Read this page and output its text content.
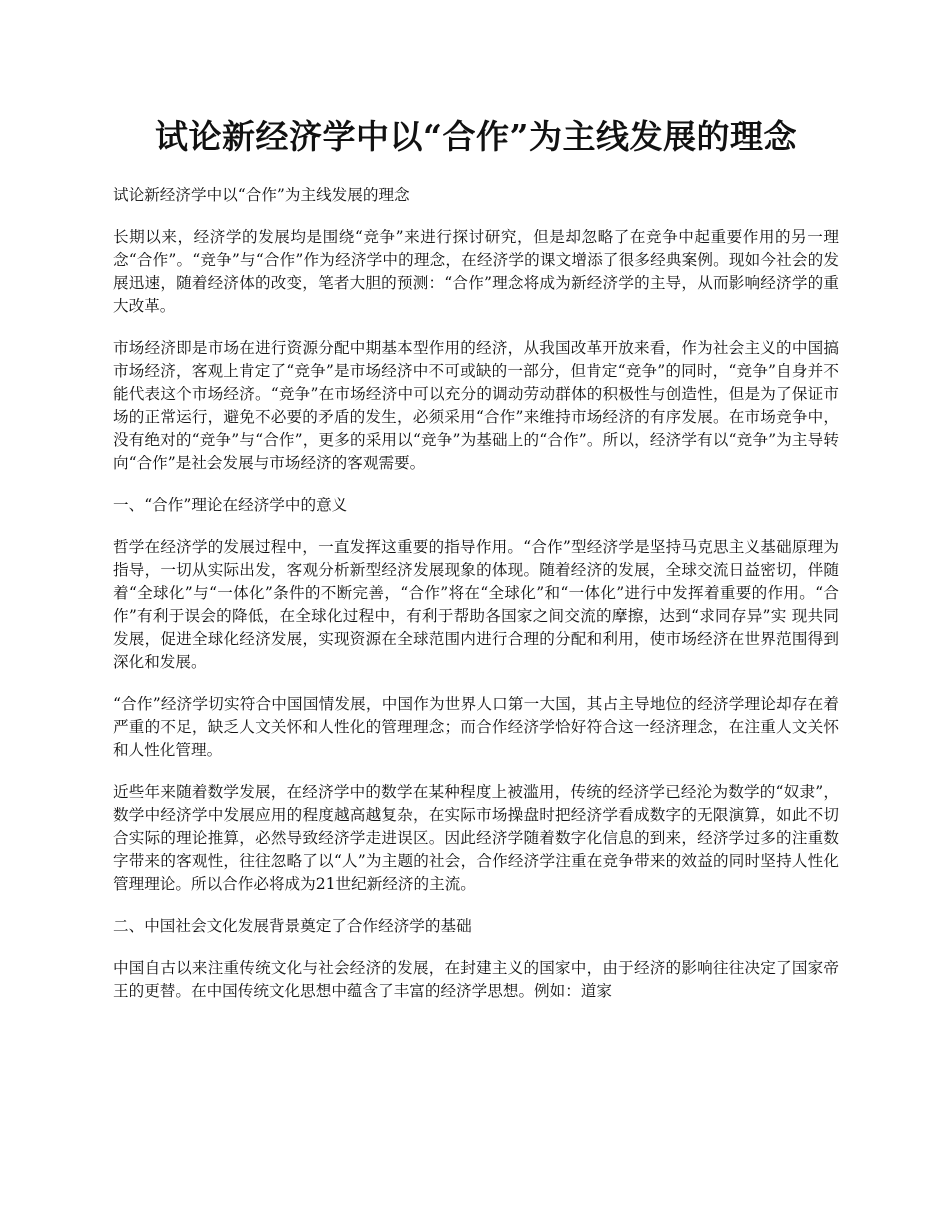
试论新经济学中以“合作”为主线发展的理念

试论新经济学中以“合作”为主线发展的理念

长期以来，经济学的发展均是围绕“竞争”来进行探讨研究，但是却忽略了在竞争中起重要作用的另一理念“合作”。“竞争”与“合作”作为经济学中的理念，在经济学的课文增添了很多经典案例。现如今社会的发展迅速，随着经济体的改变，笔者大胆的预测：“合作”理念将成为新经济学的主导，从而影响经济学的重大改革。

市场经济即是市场在进行资源分配中期基本型作用的经济，从我国改革开放来看，作为社会主义的中国搞市场经济，客观上肯定了“竞争”是市场经济中不可或缺的一部分，但肯定“竞争”的同时，“竞争”自身并不能代表这个市场经济。“竞争”在市场经济中可以充分的调动劳动群体的积极性与创造性，但是为了保证市场的正常运行，避免不必要的矛盾的发生，必须采用“合作”来维持市场经济的有序发展。在市场竞争中，没有绝对的“竞争”与“合作”，更多的采用以“竞争”为基础上的“合作”。所以，经济学有以“竞争”为主导转向“合作”是社会发展与市场经济的客观需要。

一、“合作”理论在经济学中的意义

哲学在经济学的发展过程中，一直发挥这重要的指导作用。“合作”型经济学是坚持马克思主义基础原理为指导，一切从实际出发，客观分析新型经济发展现象的体现。随着经济的发展，全球交流日益密切，伴随着“全球化”与“一体化”条件的不断完善，“合作”将在“全球化”和“一体化”进行中发挥着重要的作用。“合作”有利于误会的降低，在全球化过程中，有利于帮助各国家之间交流的摩擦，达到“求同存异”实 现共同发展，促进全球化经济发展，实现资源在全球范围内进行合理的分配和利用，使市场经济在世界范围得到深化和发展。

“合作”经济学切实符合中国国情发展，中国作为世界人口第一大国，其占主导地位的经济学理论却存在着严重的不足，缺乏人文关怀和人性化的管理理念；而合作经济学恰好符合这一经济理念，在注重人文关怀和人性化管理。

近些年来随着数学发展，在经济学中的数学在某种程度上被滥用，传统的经济学已经沦为数学的“奴隶”，数学中经济学中发展应用的程度越高越复杂，在实际市场操盘时把经济学看成数字的无限演算，如此不切合实际的理论推算，必然导致经济学走进误区。因此经济学随着数字化信息的到来，经济学过多的注重数字带来的客观性，往往忽略了以“人”为主题的社会，合作经济学注重在竞争带来的效益的同时坚持人性化管理理论。所以合作必将成为21世纪新经济的主流。

二、中国社会文化发展背景奠定了合作经济学的基础

中国自古以来注重传统文化与社会经济的发展，在封建主义的国家中，由于经济的影响往往决定了国家帝王的更替。在中国传统文化思想中蕴含了丰富的经济学思想。例如：道家
